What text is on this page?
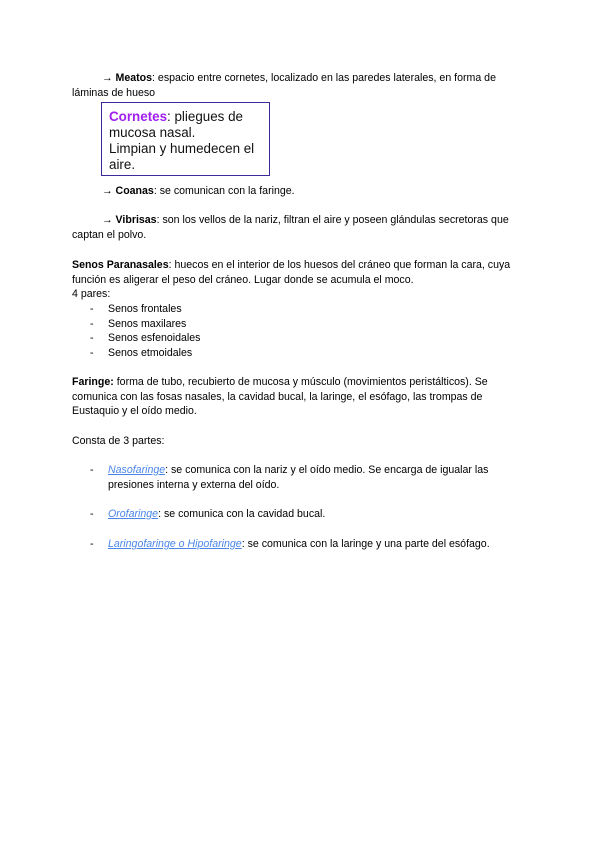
→ Meatos: espacio entre cornetes, localizado en las paredes laterales, en forma de láminas de hueso

Cornetes: pliegues de mucosa nasal.
Limpian y humedecen el aire.

→ Coanas: se comunican con la faringe.

→ Vibrisas: son los vellos de la nariz, filtran el aire y poseen glándulas secretoras que captan el polvo.

Senos Paranasales: huecos en el interior de los huesos del cráneo que forman la cara, cuya función es aligerar el peso del cráneo. Lugar donde se acumula el moco.
4 pares:

- Senos frontales
- Senos maxilares
- Senos esfenoidales
- Senos etmoidales

Faringe: forma de tubo, recubierto de mucosa y músculo (movimientos peristálticos). Se comunica con las fosas nasales, la cavidad bucal, la laringe, el esófago, las trompas de Eustaquio y el oído medio.

Consta de 3 partes:

-	Nasofaringe: se comunica con la nariz y el oído medio. Se encarga de igualar las presiones interna y externa del oído.
-	Orofaringe: se comunica con la cavidad bucal.
-	Laringofaringe o Hipofaringe: se comunica con la laringe y una parte del esófago.
